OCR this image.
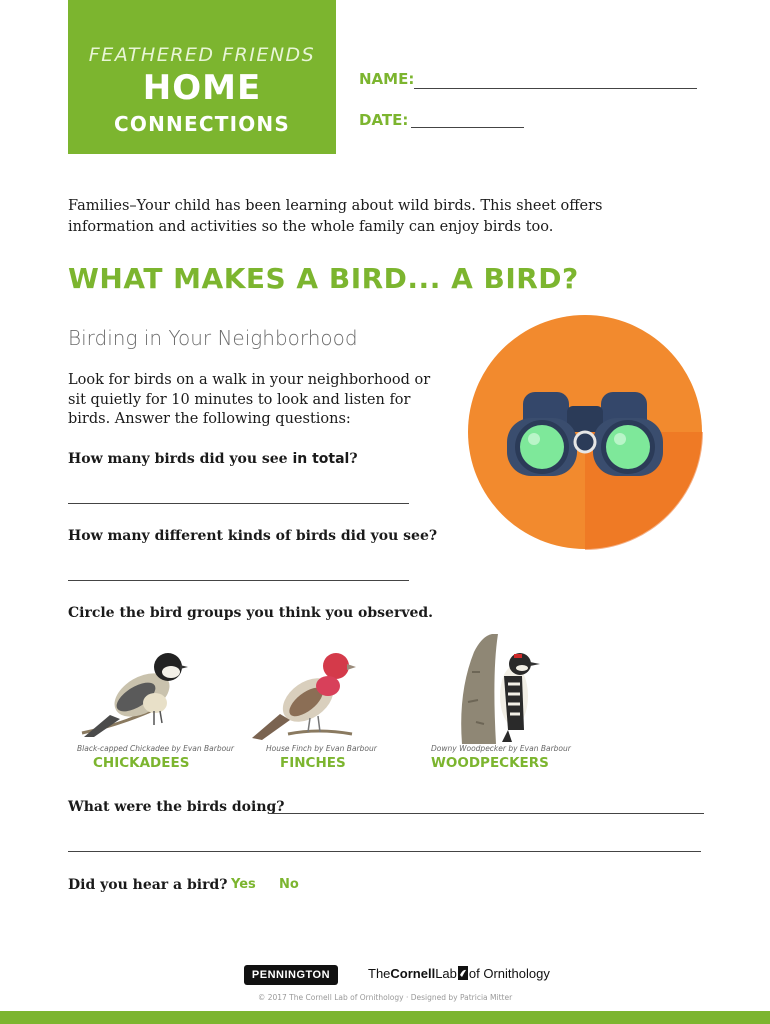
FEATHERED FRIENDS
HOME
CONNECTIONS
NAME:
DATE:
Families–Your child has been learning about wild birds. This sheet offers information and activities so the whole family can enjoy birds too.
WHAT MAKES A BIRD... A BIRD?
Birding in Your Neighborhood
Look for birds on a walk in your neighborhood or sit quietly for 10 minutes to look and listen for birds. Answer the following questions:
How many birds did you see in total?
How many different kinds of birds did you see?
Circle the bird groups you think you observed.
Black-capped Chickadee by Evan Barbour
CHICKADEES
House Finch by Evan Barbour
FINCHES
Downy Woodpecker by Evan Barbour
WOODPECKERS
What were the birds doing?
Did you hear a bird? Yes No
PENNINGTON	TheCornellLab of Ornithology
© 2017 The Cornell Lab of Ornithology · Designed by Patricia Mitter
